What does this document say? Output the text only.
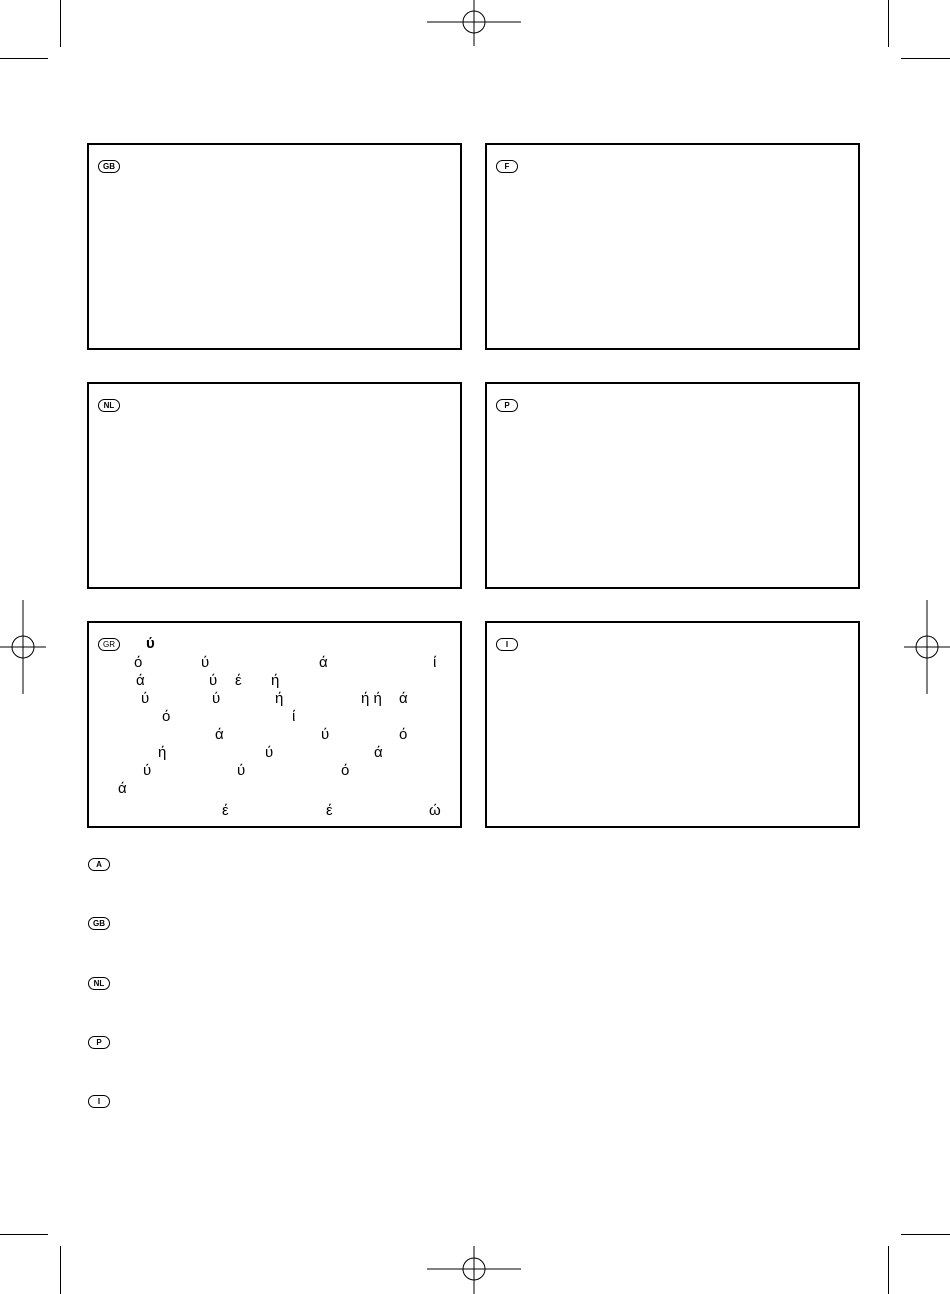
GB	F
NL	P
GR	ύ
ό	ύ	ά	ί
ά	ύ έ ή
ύ	ύ	ή	ή ή ά
ό	ί
ά	ύ	ό
ή	ύ	ά
ύ	ύ	ό
ά
έ	έ	ώ
I
A
GB
NL
P
I
